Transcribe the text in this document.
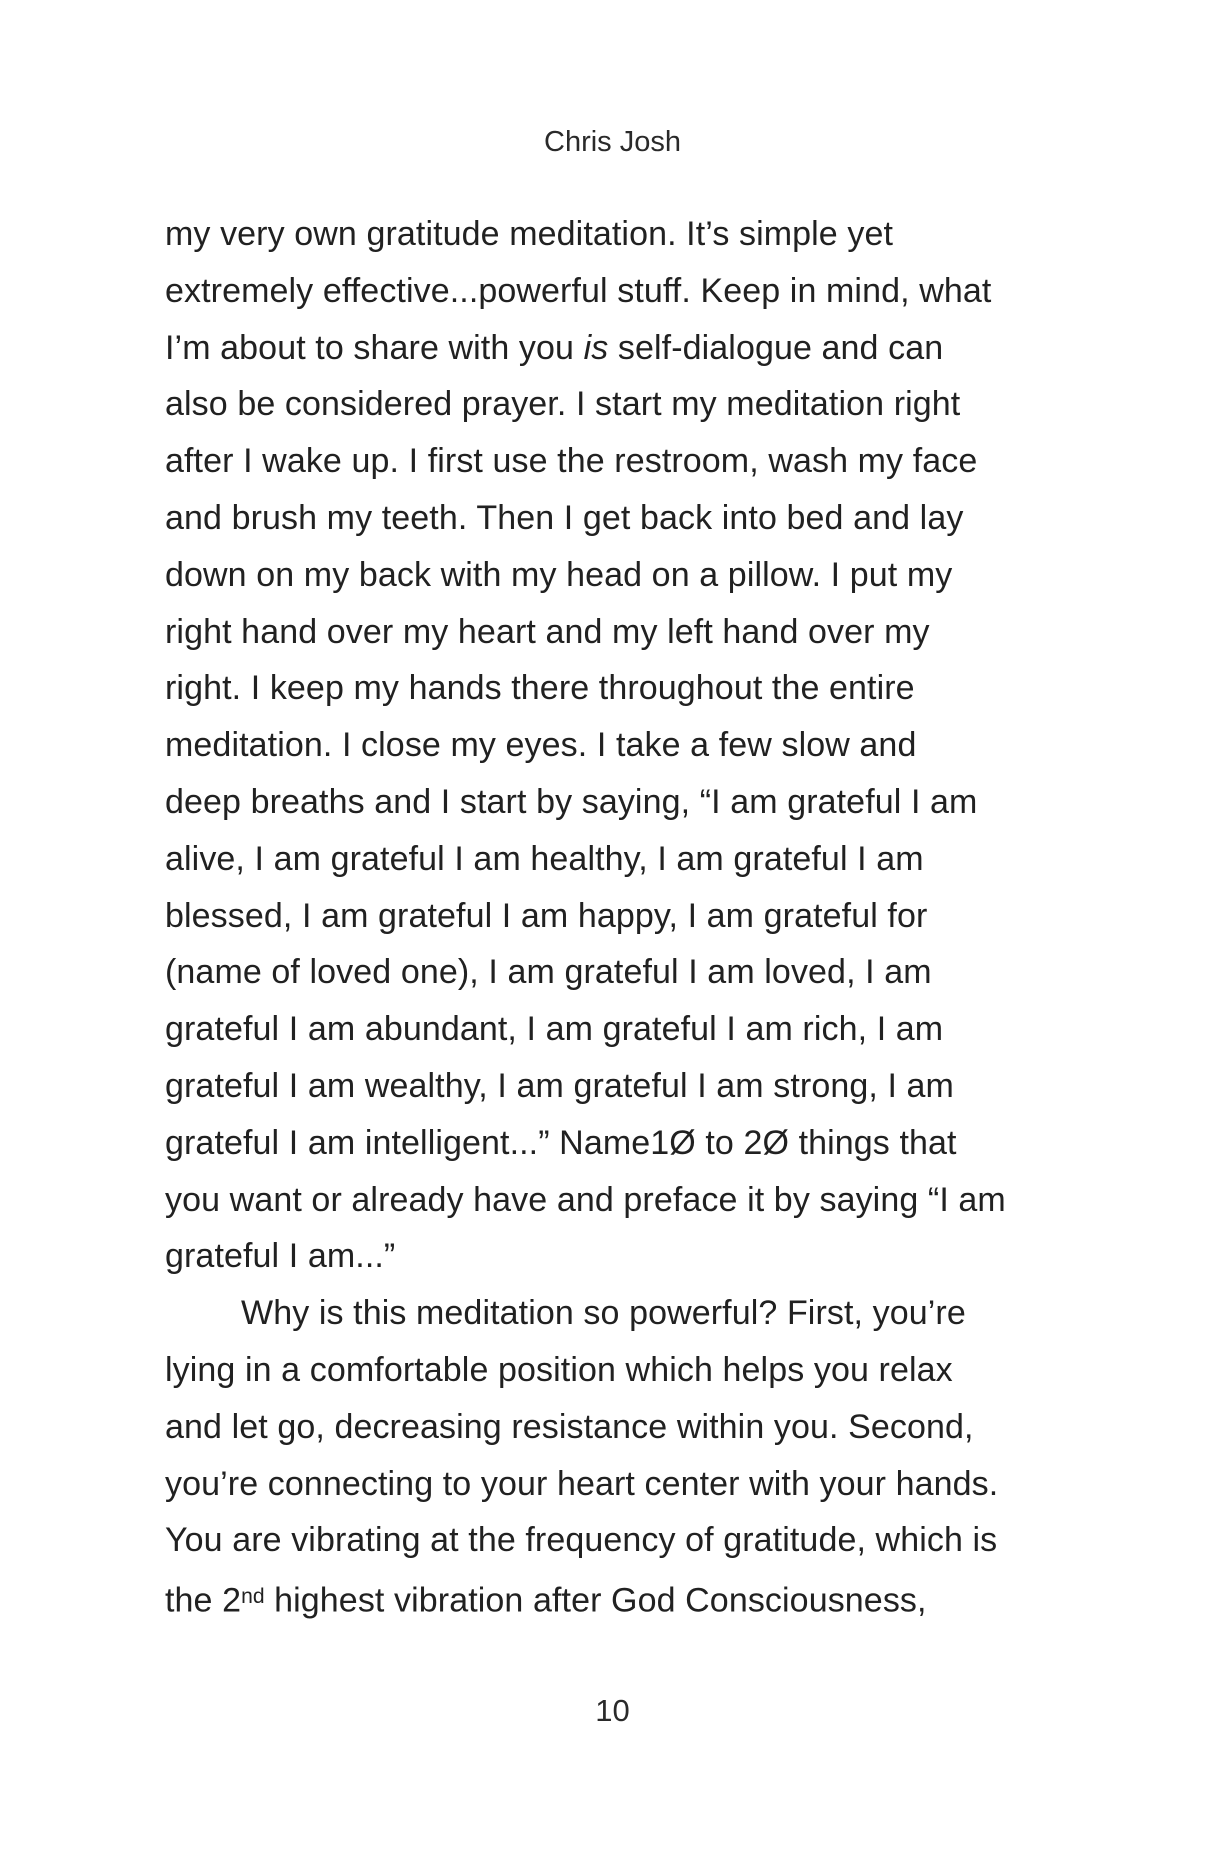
Chris Josh
my very own gratitude meditation. It’s simple yet
extremely effective...powerful stuff. Keep in mind, what
I’m about to share with you is self-dialogue and can
also be considered prayer. I start my meditation right
after I wake up. I first use the restroom, wash my face
and brush my teeth. Then I get back into bed and lay
down on my back with my head on a pillow. I put my
right hand over my heart and my left hand over my
right. I keep my hands there throughout the entire
meditation. I close my eyes. I take a few slow and
deep breaths and I start by saying, “I am grateful I am
alive, I am grateful I am healthy, I am grateful I am
blessed, I am grateful I am happy, I am grateful for
(name of loved one), I am grateful I am loved, I am
grateful I am abundant, I am grateful I am rich, I am
grateful I am wealthy, I am grateful I am strong, I am
grateful I am intelligent...” Name1Ø to 2Ø things that
you want or already have and preface it by saying “I am
grateful I am...”
Why is this meditation so powerful? First, you’re
lying in a comfortable position which helps you relax
and let go, decreasing resistance within you. Second,
you’re connecting to your heart center with your hands.
You are vibrating at the frequency of gratitude, which is
the 2nd highest vibration after God Consciousness,
10
